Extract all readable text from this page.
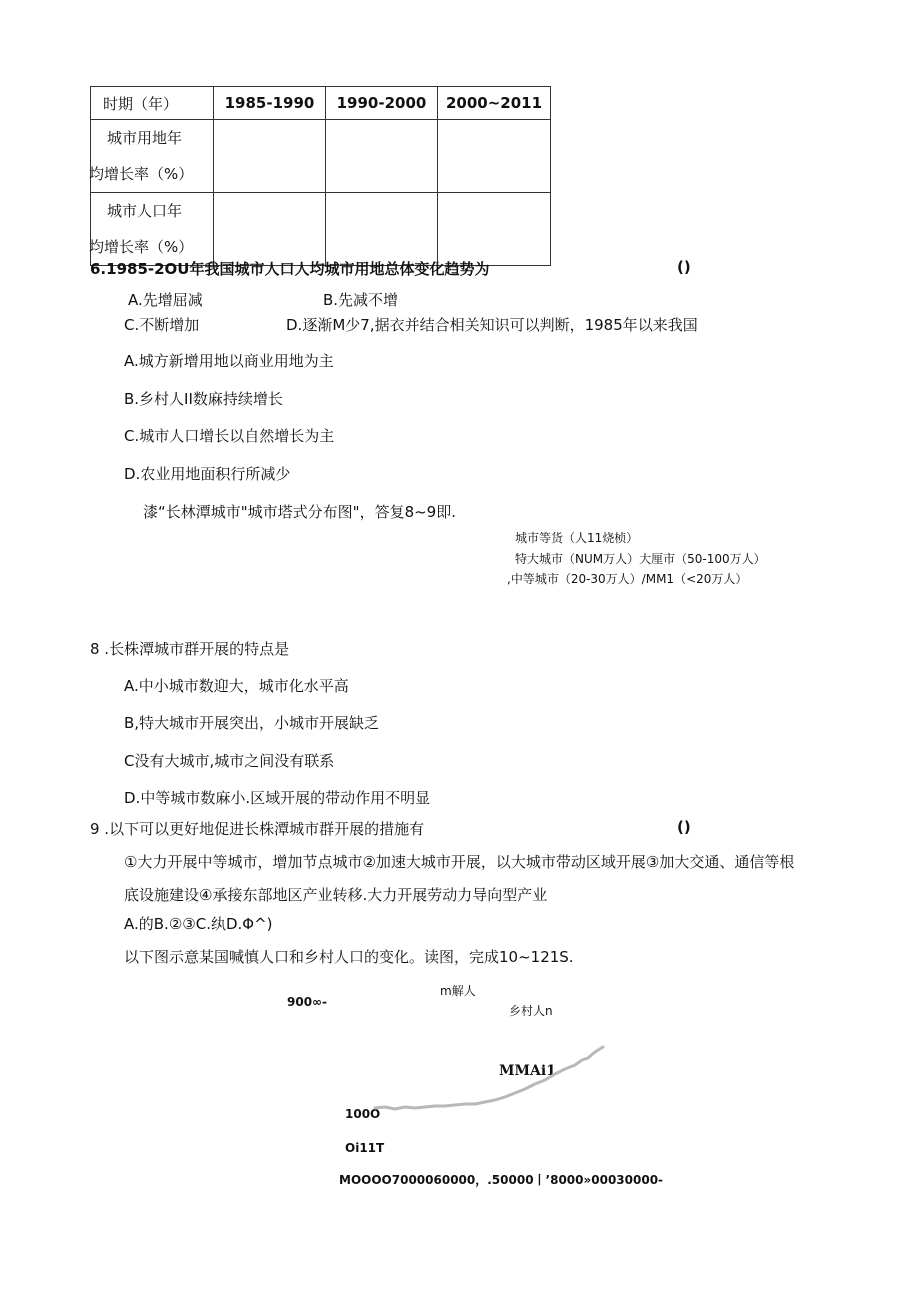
时期（年）	1985-1990	1990-2000	2000~2011

城市用地年
均增长率（%）			

城市人口年
均增长率（%）			

6.1985-2OU年我国城市人口人均城市用地总体变化趋势为	()
A.先增屈减	B.先减不增
C.不断增加	D.逐渐M少7,据衣并结合相关知识可以判断，1985年以来我国
A.城方新增用地以商业用地为主
B.乡村人II数麻持续增长
C.城市人口增长以自然增长为主
D.农业用地面积行所减少
漆“长林潭城市"城市塔式分布图"，答复8~9即.
城市等货（人11烧桢）
特大城市（NUM万人）大厘市（50-100万人）
,中等城市（20-30万人）/MM1（<20万人）
8 .长株潭城市群开展的特点是
A.中小城市数迎大，城市化水平高
B,特大城市开展突出，小城市开展缺乏
C没有大城市,城市之间没有联系
D.中等城市数麻小.区域开展的带动作用不明显
9 .以下可以更好地促进长株潭城市群开展的措施有	()
①大力开展中等城市，增加节点城市②加速大城市开展，以大城市带动区域开展③加大交通、通信等根
底设施建设④承接东部地区产业转移.大力开展劳动力导向型产业
A.的B.②③C.纨D.Φ^)
以下图示意某国喊慎人口和乡村人口的变化。读图，完成10~121S.
900∞-
m解人
乡村人n
MMAi1
100O
Oi11T
MOOOO7000060000，.50000丨’8000»00030000-
